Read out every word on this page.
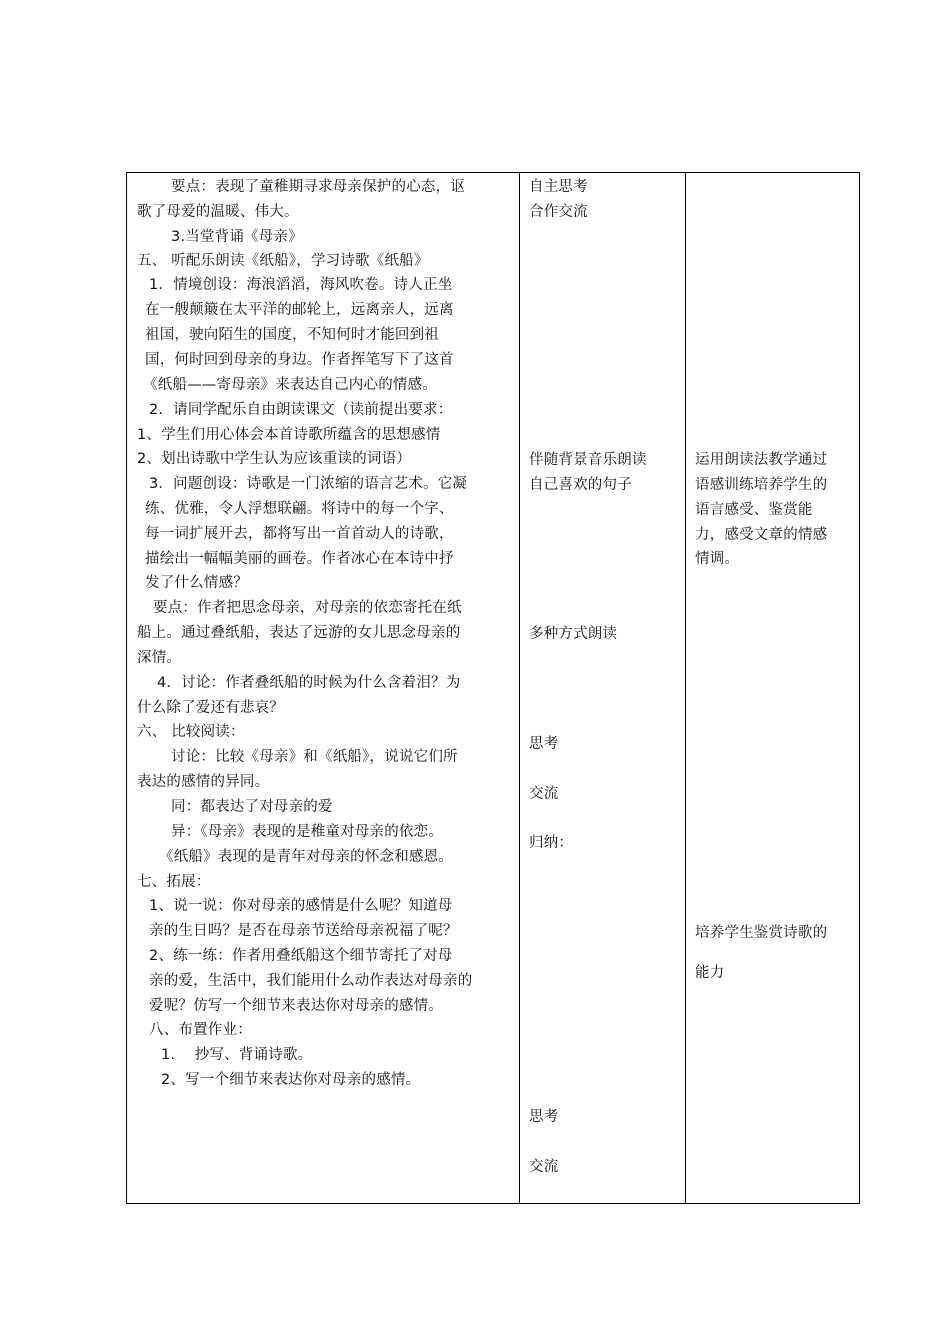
要点：表现了童稚期寻求母亲保护的心态，讴
歌了母爱的温暖、伟大。
3.当堂背诵《母亲》
五、 听配乐朗读《纸船》，学习诗歌《纸船》
1．情境创设：海浪滔滔，海风吹卷。诗人正坐
在一艘颠簸在太平洋的邮轮上，远离亲人，远离
祖国，驶向陌生的国度，不知何时才能回到祖
国，何时回到母亲的身边。作者挥笔写下了这首
《纸船——寄母亲》来表达自己内心的情感。
2．请同学配乐自由朗读课文（读前提出要求：
1、学生们用心体会本首诗歌所蕴含的思想感情
2、划出诗歌中学生认为应该重读的词语）
3．问题创设：诗歌是一门浓缩的语言艺术。它凝
练、优雅，令人浮想联翩。将诗中的每一个字、
每一词扩展开去，都将写出一首首动人的诗歌，
描绘出一幅幅美丽的画卷。作者冰心在本诗中抒
发了什么情感？
要点：作者把思念母亲，对母亲的依恋寄托在纸
船上。通过叠纸船，表达了远游的女儿思念母亲的
深情。
4．讨论：作者叠纸船的时候为什么含着泪？为
什么除了爱还有悲哀？
六、 比较阅读：
讨论：比较《母亲》和《纸船》，说说它们所
表达的感情的异同。
同：都表达了对母亲的爱
异：《母亲》表现的是稚童对母亲的依恋。
《纸船》表现的是青年对母亲的怀念和感恩。
七、拓展：
1、说一说：你对母亲的感情是什么呢？知道母
亲的生日吗？是否在母亲节送给母亲祝福了呢？
2、练一练：作者用叠纸船这个细节寄托了对母
亲的爱，生活中，我们能用什么动作表达对母亲的
爱呢？仿写一个细节来表达你对母亲的感情。
八、布置作业：
1.　 抄写、背诵诗歌。
2、写一个细节来表达你对母亲的感情。
自主思考
合作交流
伴随背景音乐朗读
自己喜欢的句子
多种方式朗读
思考
交流
归纳：
思考
交流
运用朗读法教学通过
语感训练培养学生的
语言感受、鉴赏能
力，感受文章的情感
情调。
培养学生鉴赏诗歌的
能力
